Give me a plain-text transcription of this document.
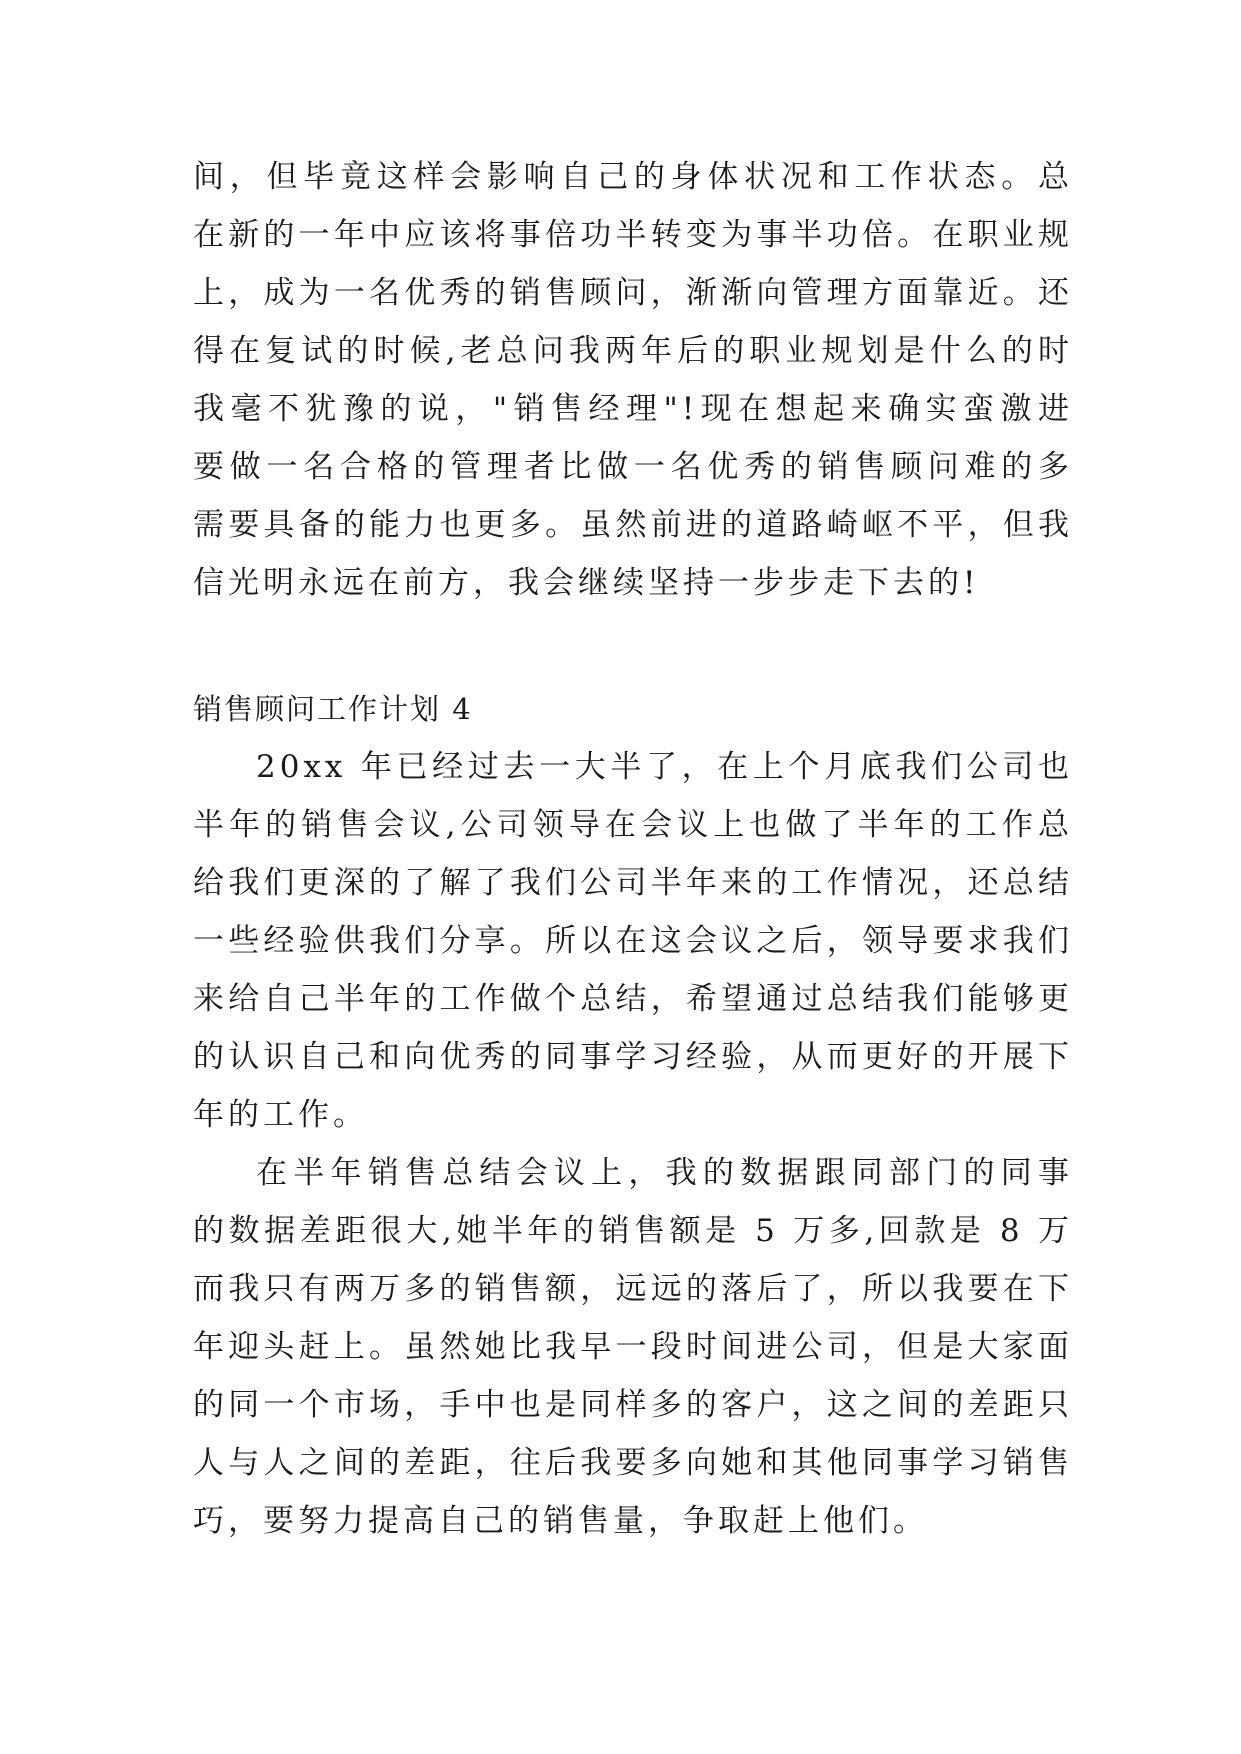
间，但毕竟这样会影响自己的身体状况和工作状态。总
在新的一年中应该将事倍功半转变为事半功倍。在职业规
上，成为一名优秀的销售顾问，渐渐向管理方面靠近。还
得在复试的时候,老总问我两年后的职业规划是什么的时
我毫不犹豫的说，"销售经理"!现在想起来确实蛮激进
要做一名合格的管理者比做一名优秀的销售顾问难的多
需要具备的能力也更多。虽然前进的道路崎岖不平，但我
信光明永远在前方，我会继续坚持一步步走下去的!
销售顾问工作计划 4
20xx 年已经过去一大半了，在上个月底我们公司也
半年的销售会议,公司领导在会议上也做了半年的工作总
给我们更深的了解了我们公司半年来的工作情况，还总结
一些经验供我们分享。所以在这会议之后，领导要求我们
来给自己半年的工作做个总结，希望通过总结我们能够更
的认识自己和向优秀的同事学习经验，从而更好的开展下
年的工作。
在半年销售总结会议上，我的数据跟同部门的同事
的数据差距很大,她半年的销售额是 5 万多,回款是 8 万
而我只有两万多的销售额，远远的落后了，所以我要在下
年迎头赶上。虽然她比我早一段时间进公司，但是大家面
的同一个市场，手中也是同样多的客户，这之间的差距只
人与人之间的差距，往后我要多向她和其他同事学习销售
巧，要努力提高自己的销售量，争取赶上他们。
